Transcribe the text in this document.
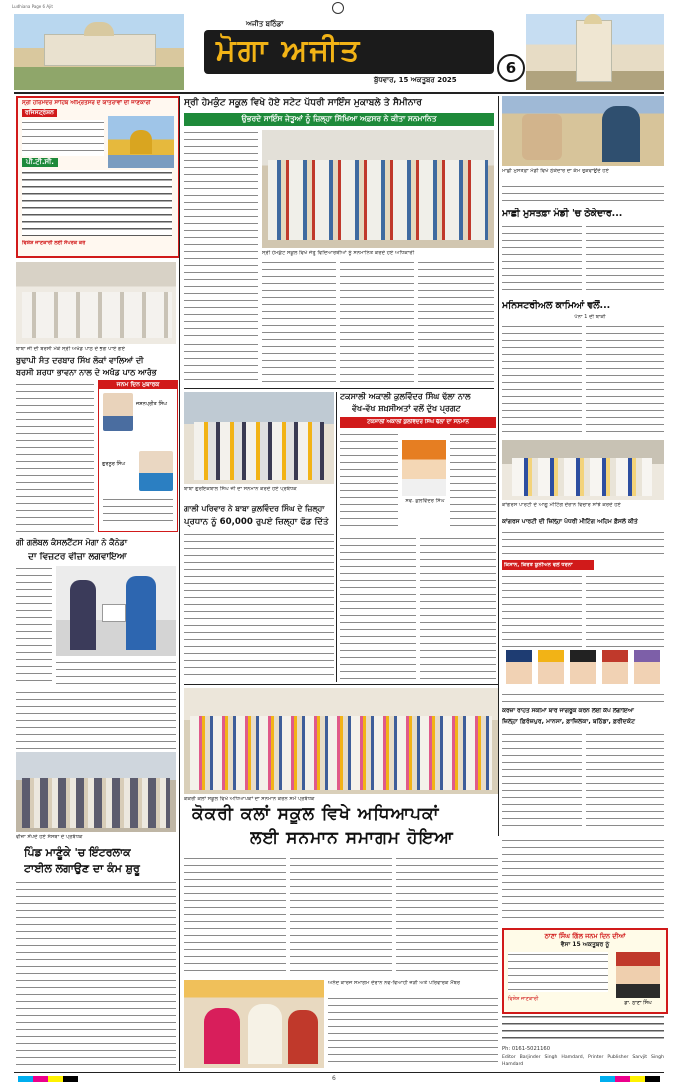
Ludhiana Page 6 Ajit
ਅਜੀਤ ਬਠਿੰਡਾ
ਮੋਗਾ ਅਜੀਤ
ਬੁੱਧਵਾਰ, 15 ਅਕਤੂਬਰ 2025
6
ਸ੍ਰੀ ਹਰਿਮੰਦਰ ਸਾਹਿਬ ਅੰਮ੍ਰਿਤਸਰ ਦੇ ਯਾਤਰਾਵਾਂ ਦੀ ਜਾਣਕਾਰੀ
ਰਜਿਸਟ੍ਰੇਸ਼ਨ
ਪੀ.ਟੀ.ਸੀ.
ਵਿਸ਼ੇਸ਼ ਜਾਣਕਾਰੀ ਲਈ ਸੰਪਰਕ ਕਰੋ
ਬਾਬਾ ਜੀ ਦੀ ਬਰਸੀ ਮੌਕੇ ਸ੍ਰੀ ਅਖੰਡ ਪਾਠ ਦੇ ਭੋਗ ਪਾਏ ਗਏ
ਬੁਢਾਪੀ ਸੰਤ ਦਰਬਾਰ ਸਿੱਖ ਲੋਕਾਂ ਵਾਲਿਆਂ ਦੀ
ਬਰਸੀ ਸ਼ਰਧਾ ਭਾਵਨਾ ਨਾਲ ਦੇ ਅਖੰਡ ਪਾਠ ਆਰੰਭ
ਜਨਮ ਦਿਨ ਮੁਬਾਰਕ
ਜਸ਼ਨਪ੍ਰੀਤ ਸਿੰਘ
ਗੁਰਨੂਰ ਸਿੰਘ
ਗੀ ਗਲੋਬਲ ਕੰਸਲਟੈਂਟਸ ਮੋਗਾ ਨੇ ਕੈਨੇਡਾ
ਦਾ ਵਿਜ਼ਟਰ ਵੀਜ਼ਾ ਲਗਵਾਇਆ
ਵੀਜ਼ਾ ਸੌਂਪਦੇ ਹੋਏ ਸੰਸਥਾ ਦੇ ਪ੍ਰਬੰਧਕ
ਪਿੰਡ ਮਾਣੂੰਕੇ 'ਚ ਇੰਟਰਲਾਕ
ਟਾਈਲ ਲਗਾਉਣ ਦਾ ਕੰਮ ਸ਼ੁਰੂ
ਸ੍ਰੀ ਹੇਮਕੁੰਟ ਸਕੂਲ ਵਿਖੇ ਹੋਏ ਸਟੇਟ ਪੱਧਰੀ ਸਾਇੰਸ ਮੁਕਾਬਲੇ ਤੇ ਸੈਮੀਨਾਰ
ਉਭਰਦੇ ਸਾਇੰਸ ਜੇਤੂਆਂ ਨੂੰ ਜ਼ਿਲ੍ਹਾ ਸਿੱਖਿਆ ਅਫ਼ਸਰ ਨੇ ਕੀਤਾ ਸਨਮਾਨਿਤ
ਸ੍ਰੀ ਹੇਮਕੁੰਟ ਸਕੂਲ ਵਿਖੇ ਜੇਤੂ ਵਿਦਿਆਰਥੀਆਂ ਨੂੰ ਸਨਮਾਨਿਤ ਕਰਦੇ ਹੋਏ ਅਧਿਕਾਰੀ
ਬਾਬਾ ਗੁਰਇਕਬਾਲ ਸਿੰਘ ਜੀ ਦਾ ਸਨਮਾਨ ਕਰਦੇ ਹੋਏ ਪ੍ਰਬੰਧਕ
ਗਾਲੀ ਪਰਿਵਾਰ ਨੇ ਬਾਬਾ ਕੁਲਵਿੰਦਰ ਸਿੰਘ ਦੇ ਜ਼ਿਲ੍ਹਾ
ਪ੍ਰਧਾਨ ਨੂੰ 60,000 ਰੁਪਏ ਜ਼ਿਲ੍ਹਾ ਫੰਡ ਦਿੱਤੇ
ਟਕਸਾਲੀ ਅਕਾਲੀ ਕੁਲਵਿੰਦਰ ਸਿੰਘ ਢੱਲਾ ਨਾਲ
ਵੱਖ-ਵੱਖ ਸ਼ਖ਼ਸੀਅਤਾਂ ਵਲੋਂ ਦੁੱਖ ਪ੍ਰਗਟ
ਟਕਸਾਲੀ ਅਕਾਲੀ ਕੁਲਵਿੰਦਰ ਸਿੰਘ ਢੱਲਾ ਦਾ ਸਨਮਾਨ
ਸਵ. ਕੁਲਵਿੰਦਰ ਸਿੰਘ
ਮਾਛੀ ਮੁਸਤਫ਼ਾ ਮੰਡੀ ਵਿਖੇ ਠੇਕੇਦਾਰ ਦਾ ਕੰਮ ਰੁਕਵਾਉਂਦੇ ਹੋਏ
ਮਾਛੀ ਮੁਸਤਫ਼ਾ ਮੰਡੀ 'ਚ ਠੇਕੇਦਾਰ...
ਮਨਿਸਟਰੀਅਲ ਕਾਮਿਆਂ ਵਲੋਂ...
ਪੰਨਾ 1 ਦੀ ਬਾਕੀ
ਕਾਂਗਰਸ ਪਾਰਟੀ ਦੇ ਆਗੂ ਮੀਟਿੰਗ ਦੌਰਾਨ ਵਿਚਾਰ ਸਾਂਝੇ ਕਰਦੇ ਹੋਏ
ਕਾਂਗਰਸ ਪਾਰਟੀ ਦੀ ਜ਼ਿਲ੍ਹਾ ਪੱਧਰੀ ਮੀਟਿੰਗ ਅਹਿਮ ਫ਼ੈਸਲੇ ਕੀਤੇ
ਕਿਸਾਨ, ਕਿਰਤ ਯੂਨੀਅਨ ਵਲੋਂ ਧਰਨਾ
ਕਰਜ਼ਾ ਰਾਹਤ ਸਕੀਮਾਂ ਬਾਰੇ ਜਾਗਰੂਕ ਕਰਨ ਲਈ ਕੈਂਪ ਲਗਾਇਆ
ਜ਼ਿਲ੍ਹਾ ਫ਼ਿਰੋਜ਼ਪੁਰ, ਮਾਨਸਾ, ਫ਼ਾਜ਼ਿਲਕਾ, ਬਠਿੰਡਾ, ਫ਼ਰੀਦਕੋਟ
ਕੋਕਰੀ ਕਲਾਂ ਸਕੂਲ ਵਿਖੇ ਅਧਿਆਪਕਾਂ ਦਾ ਸਨਮਾਨ ਕਰਨ ਸਮੇਂ ਪ੍ਰਬੰਧਕ
ਕੋਕਰੀ ਕਲਾਂ ਸਕੂਲ ਵਿਖੇ ਅਧਿਆਪਕਾਂ
ਲਈ ਸਨਮਾਨ ਸਮਾਗਮ ਹੋਇਆ
ਅਨੰਦ ਕਾਰਜ ਸਮਾਗਮ ਦੌਰਾਨ ਨਵ-ਵਿਆਹੀ ਜੋੜੀ ਅਤੇ ਪਰਿਵਾਰਕ ਮੈਂਬਰ
ਠਾਣਾ ਸਿੰਘ ਗਿੱਲ ਜਨਮ ਦਿਨ ਦੀਆਂ
ਵੈਸਾ 15 ਅਕਤੂਬਰ ਨੂੰ
ਡਾ. ਠਾਣਾ ਸਿੰਘ
ਵਿਸ਼ੇਸ਼ ਜਾਣਕਾਰੀ
Ph: 0161-5021160
Editor Barjinder Singh Hamdard, Printer Publisher Sarvjit Singh Hamdard
6
